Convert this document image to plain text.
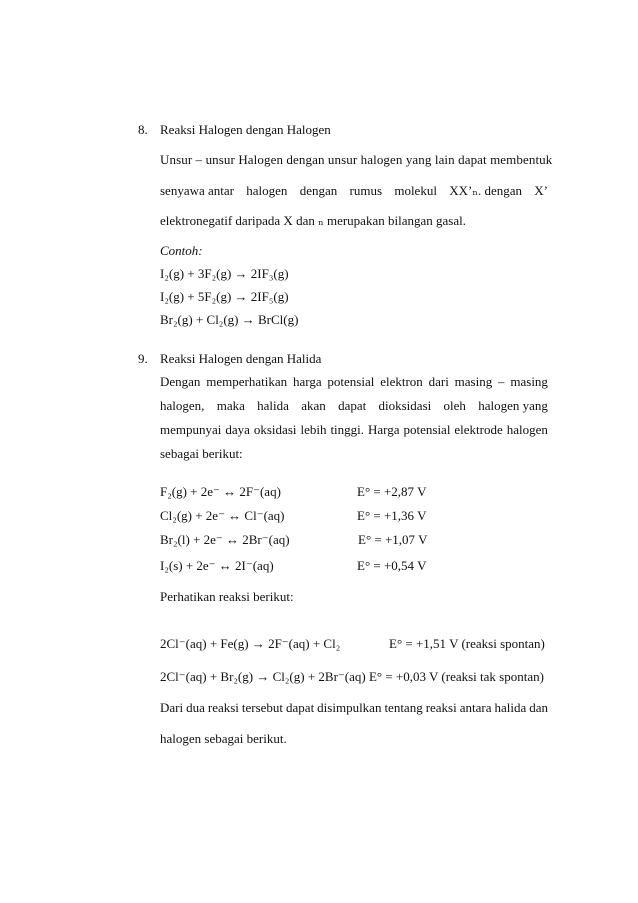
8. Reaksi Halogen dengan Halogen
Unsur – unsur Halogen dengan unsur halogen yang lain dapat membentuk
senyawa antar halogen dengan rumus molekul XX’ₙ. dengan X’
elektronegatif daripada X dan ₙ merupakan bilangan gasal.
Contoh:
I₂(g) + 3F₂(g) → 2IF₃(g)
I₂(g) + 5F₂(g) → 2IF₅(g)
Br₂(g) + Cl₂(g) → BrCl(g)
9. Reaksi Halogen dengan Halida
Dengan memperhatikan harga potensial elektron dari masing – masing
halogen, maka halida akan dapat dioksidasi oleh halogen yang
mempunyai daya oksidasi lebih tinggi. Harga potensial elektrode halogen
sebagai berikut:
F₂(g) + 2e⁻ ↔ 2F⁻(aq)	E° = +2,87 V
Cl₂(g) + 2e⁻ ↔ Cl⁻(aq)	E° = +1,36 V
Br₂(l) + 2e⁻ ↔ 2Br⁻(aq)	E° = +1,07 V
I₂(s) + 2e⁻ ↔ 2I⁻(aq)	E° = +0,54 V
Perhatikan reaksi berikut:
2Cl⁻(aq) + Fe(g) → 2F⁻(aq) + Cl₂	E° = +1,51 V (reaksi spontan)
2Cl⁻(aq) + Br₂(g) → Cl₂(g) + 2Br⁻(aq) E° = +0,03 V (reaksi tak spontan)
Dari dua reaksi tersebut dapat disimpulkan tentang reaksi antara halida dan
halogen sebagai berikut.
